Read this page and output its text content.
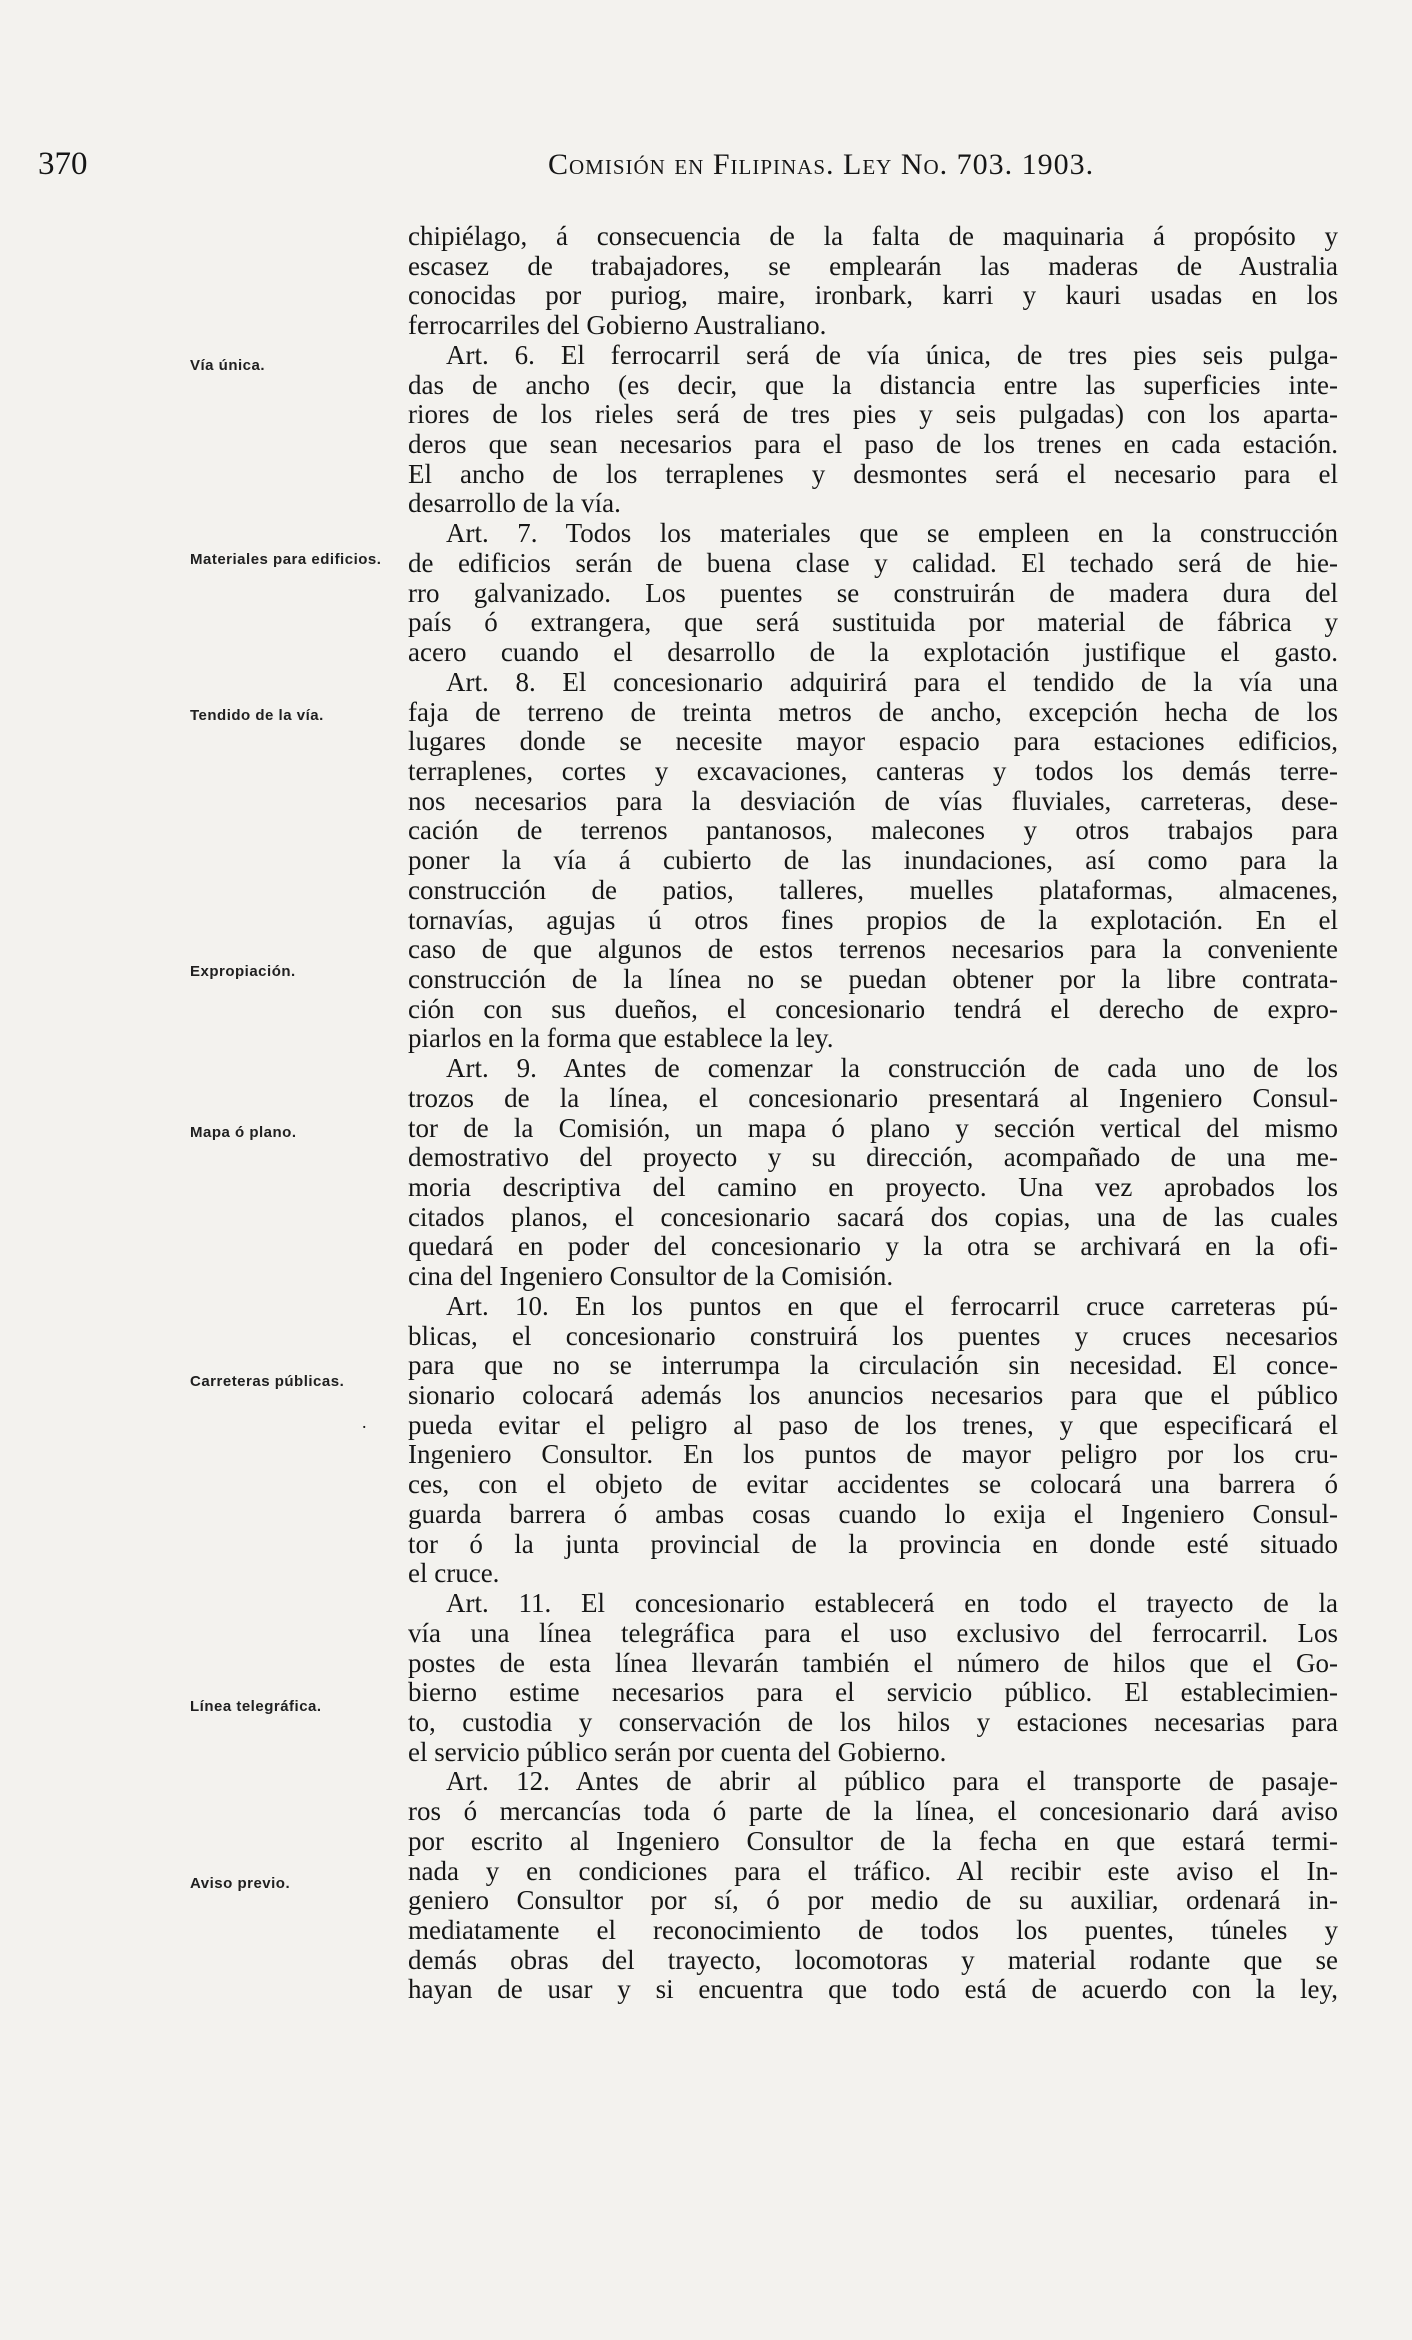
370	Comisión en Filipinas. Ley No. 703. 1903.
Vía única.
Materiales para edificios.
Tendido de la vía.
Expropiación.
Mapa ó plano.
Carreteras públicas.
Línea telegráfica.
Aviso previo.
.
chipiélago, á consecuencia de la falta de maquinaria á propósito y
escasez de trabajadores, se emplearán las maderas de Australia
conocidas por puriog, maire, ironbark, karri y kauri usadas en los
ferrocarriles del Gobierno Australiano.
Art. 6. El ferrocarril será de vía única, de tres pies seis pulga-
das de ancho (es decir, que la distancia entre las superficies inte-
riores de los rieles será de tres pies y seis pulgadas) con los aparta-
deros que sean necesarios para el paso de los trenes en cada estación.
El ancho de los terraplenes y desmontes será el necesario para el
desarrollo de la vía.
Art. 7. Todos los materiales que se empleen en la construcción
de edificios serán de buena clase y calidad. El techado será de hie-
rro galvanizado. Los puentes se construirán de madera dura del
país ó extrangera, que será sustituida por material de fábrica y
acero cuando el desarrollo de la explotación justifique el gasto.
Art. 8. El concesionario adquirirá para el tendido de la vía una
faja de terreno de treinta metros de ancho, excepción hecha de los
lugares donde se necesite mayor espacio para estaciones edificios,
terraplenes, cortes y excavaciones, canteras y todos los demás terre-
nos necesarios para la desviación de vías fluviales, carreteras, dese-
cación de terrenos pantanosos, malecones y otros trabajos para
poner la vía á cubierto de las inundaciones, así como para la
construcción de patios, talleres, muelles plataformas, almacenes,
tornavías, agujas ú otros fines propios de la explotación. En el
caso de que algunos de estos terrenos necesarios para la conveniente
construcción de la línea no se puedan obtener por la libre contrata-
ción con sus dueños, el concesionario tendrá el derecho de expro-
piarlos en la forma que establece la ley.
Art. 9. Antes de comenzar la construcción de cada uno de los
trozos de la línea, el concesionario presentará al Ingeniero Consul-
tor de la Comisión, un mapa ó plano y sección vertical del mismo
demostrativo del proyecto y su dirección, acompañado de una me-
moria descriptiva del camino en proyecto. Una vez aprobados los
citados planos, el concesionario sacará dos copias, una de las cuales
quedará en poder del concesionario y la otra se archivará en la ofi-
cina del Ingeniero Consultor de la Comisión.
Art. 10. En los puntos en que el ferrocarril cruce carreteras pú-
blicas, el concesionario construirá los puentes y cruces necesarios
para que no se interrumpa la circulación sin necesidad. El conce-
sionario colocará además los anuncios necesarios para que el público
pueda evitar el peligro al paso de los trenes, y que especificará el
Ingeniero Consultor. En los puntos de mayor peligro por los cru-
ces, con el objeto de evitar accidentes se colocará una barrera ó
guarda barrera ó ambas cosas cuando lo exija el Ingeniero Consul-
tor ó la junta provincial de la provincia en donde esté situado
el cruce.
Art. 11. El concesionario establecerá en todo el trayecto de la
vía una línea telegráfica para el uso exclusivo del ferrocarril. Los
postes de esta línea llevarán también el número de hilos que el Go-
bierno estime necesarios para el servicio público. El establecimien-
to, custodia y conservación de los hilos y estaciones necesarias para
el servicio público serán por cuenta del Gobierno.
Art. 12. Antes de abrir al público para el transporte de pasaje-
ros ó mercancías toda ó parte de la línea, el concesionario dará aviso
por escrito al Ingeniero Consultor de la fecha en que estará termi-
nada y en condiciones para el tráfico. Al recibir este aviso el In-
geniero Consultor por sí, ó por medio de su auxiliar, ordenará in-
mediatamente el reconocimiento de todos los puentes, túneles y
demás obras del trayecto, locomotoras y material rodante que se
hayan de usar y si encuentra que todo está de acuerdo con la ley,
